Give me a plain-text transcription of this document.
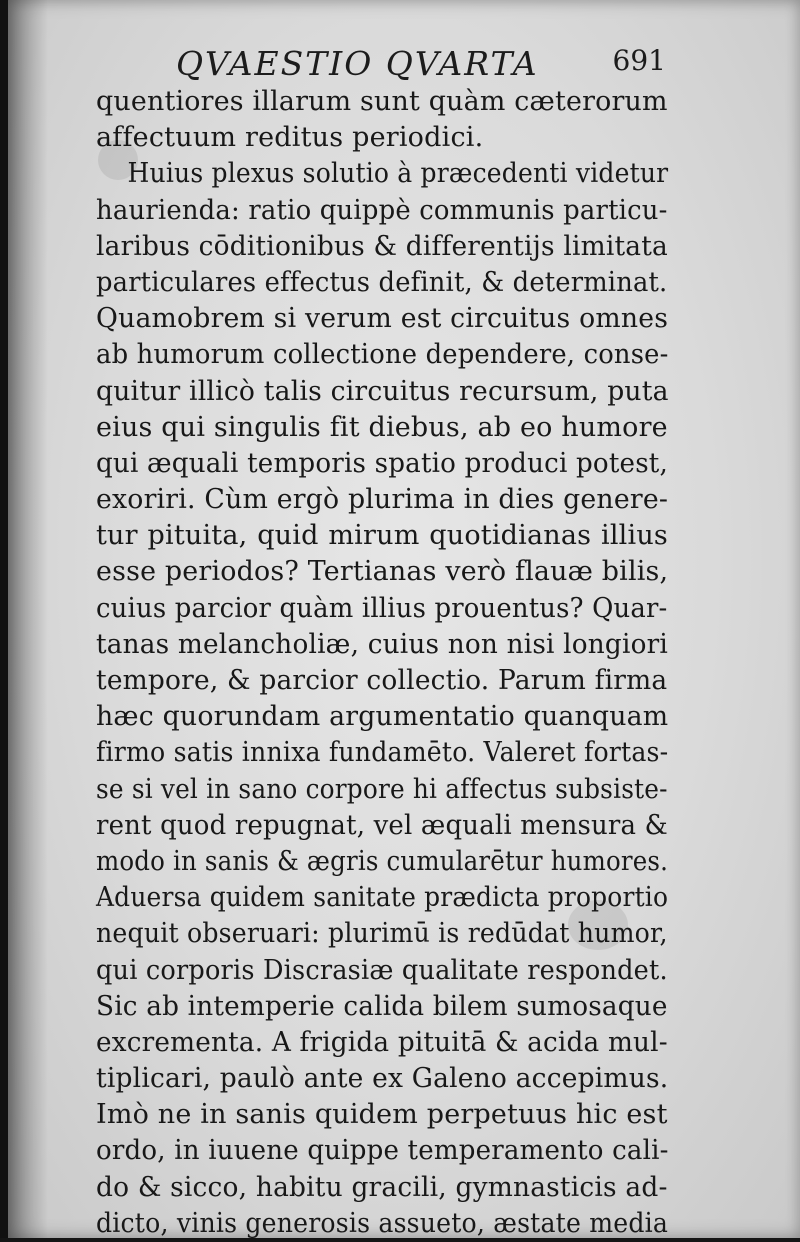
QVAESTIO QVARTA	691
quentiores illarum sunt quàm cæterorum
affectuum reditus periodici.
Huius plexus solutio à præcedenti videtur
haurienda: ratio quippè communis particu-
laribus cōditionibus & differentijs limitata
particulares effectus definit, & determinat.
Quamobrem si verum est circuitus omnes
ab humorum collectione dependere, conse-
quitur illicò talis circuitus recursum, puta
eius qui singulis fit diebus, ab eo humore
qui æquali temporis spatio produci potest,
exoriri. Cùm ergò plurima in dies genere-
tur pituita, quid mirum quotidianas illius
esse periodos? Tertianas verò flauæ bilis,
cuius parcior quàm illius prouentus? Quar-
tanas melancholiæ, cuius non nisi longiori
tempore, & parcior collectio. Parum firma
hæc quorundam argumentatio quanquam
firmo satis innixa fundamēto. Valeret fortas-
se si vel in sano corpore hi affectus subsiste-
rent quod repugnat, vel æquali mensura &
modo in sanis & ægris cumularētur humores.
Aduersa quidem sanitate prædicta proportio
nequit obseruari: plurimū is redūdat humor,
qui corporis Discrasiæ qualitate respondet.
Sic ab intemperie calida bilem sumosaque
excrementa. A frigida pituitā & acida mul-
tiplicari, paulò ante ex Galeno accepimus.
Imò ne in sanis quidem perpetuus hic est
ordo, in iuuene quippe temperamento cali-
do & sicco, habitu gracili, gymnasticis ad-
dicto, vinis generosis assueto, æstate media
